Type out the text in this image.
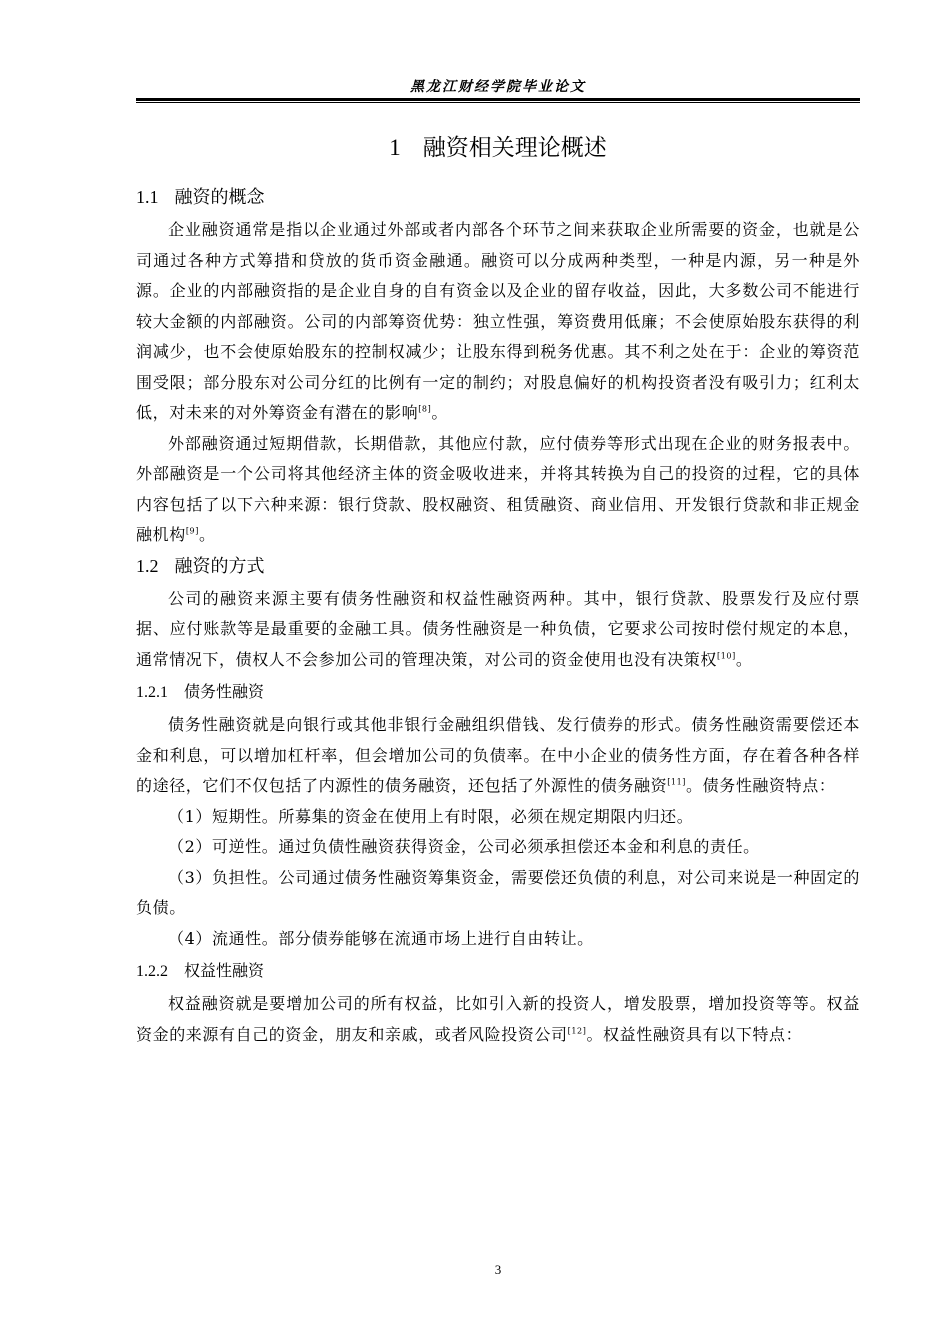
黑龙江财经学院毕业论文
1 融资相关理论概述
1.1 融资的概念

企业融资通常是指以企业通过外部或者内部各个环节之间来获取企业所需要的资金，也就是公司通过各种方式筹措和贷放的货币资金融通。融资可以分成两种类型，一种是内源，另一种是外源。企业的内部融资指的是企业自身的自有资金以及企业的留存收益，因此，大多数公司不能进行较大金额的内部融资。公司的内部筹资优势：独立性强，筹资费用低廉；不会使原始股东获得的利润减少，也不会使原始股东的控制权减少；让股东得到税务优惠。其不利之处在于：企业的筹资范围受限；部分股东对公司分红的比例有一定的制约；对股息偏好的机构投资者没有吸引力；红利太低，对未来的对外筹资金有潜在的影响[8]。

外部融资通过短期借款，长期借款，其他应付款，应付债券等形式出现在企业的财务报表中。外部融资是一个公司将其他经济主体的资金吸收进来，并将其转换为自己的投资的过程，它的具体内容包括了以下六种来源：银行贷款、股权融资、租赁融资、商业信用、开发银行贷款和非正规金融机构[9]。

1.2 融资的方式

公司的融资来源主要有债务性融资和权益性融资两种。其中，银行贷款、股票发行及应付票据、应付账款等是最重要的金融工具。债务性融资是一种负债，它要求公司按时偿付规定的本息，通常情况下，债权人不会参加公司的管理决策，对公司的资金使用也没有决策权[10]。

1.2.1 债务性融资

债务性融资就是向银行或其他非银行金融组织借钱、发行债券的形式。债务性融资需要偿还本金和利息，可以增加杠杆率，但会增加公司的负债率。在中小企业的债务性方面，存在着各种各样的途径，它们不仅包括了内源性的债务融资，还包括了外源性的债务融资[11]。债务性融资特点：

（1）短期性。所募集的资金在使用上有时限，必须在规定期限内归还。

（2）可逆性。通过负债性融资获得资金，公司必须承担偿还本金和利息的责任。

（3）负担性。公司通过债务性融资筹集资金，需要偿还负债的利息，对公司来说是一种固定的负债。

（4）流通性。部分债券能够在流通市场上进行自由转让。

1.2.2 权益性融资

权益融资就是要增加公司的所有权益，比如引入新的投资人，增发股票，增加投资等等。权益资金的来源有自己的资金，朋友和亲戚，或者风险投资公司[12]。权益性融资具有以下特点：

3
